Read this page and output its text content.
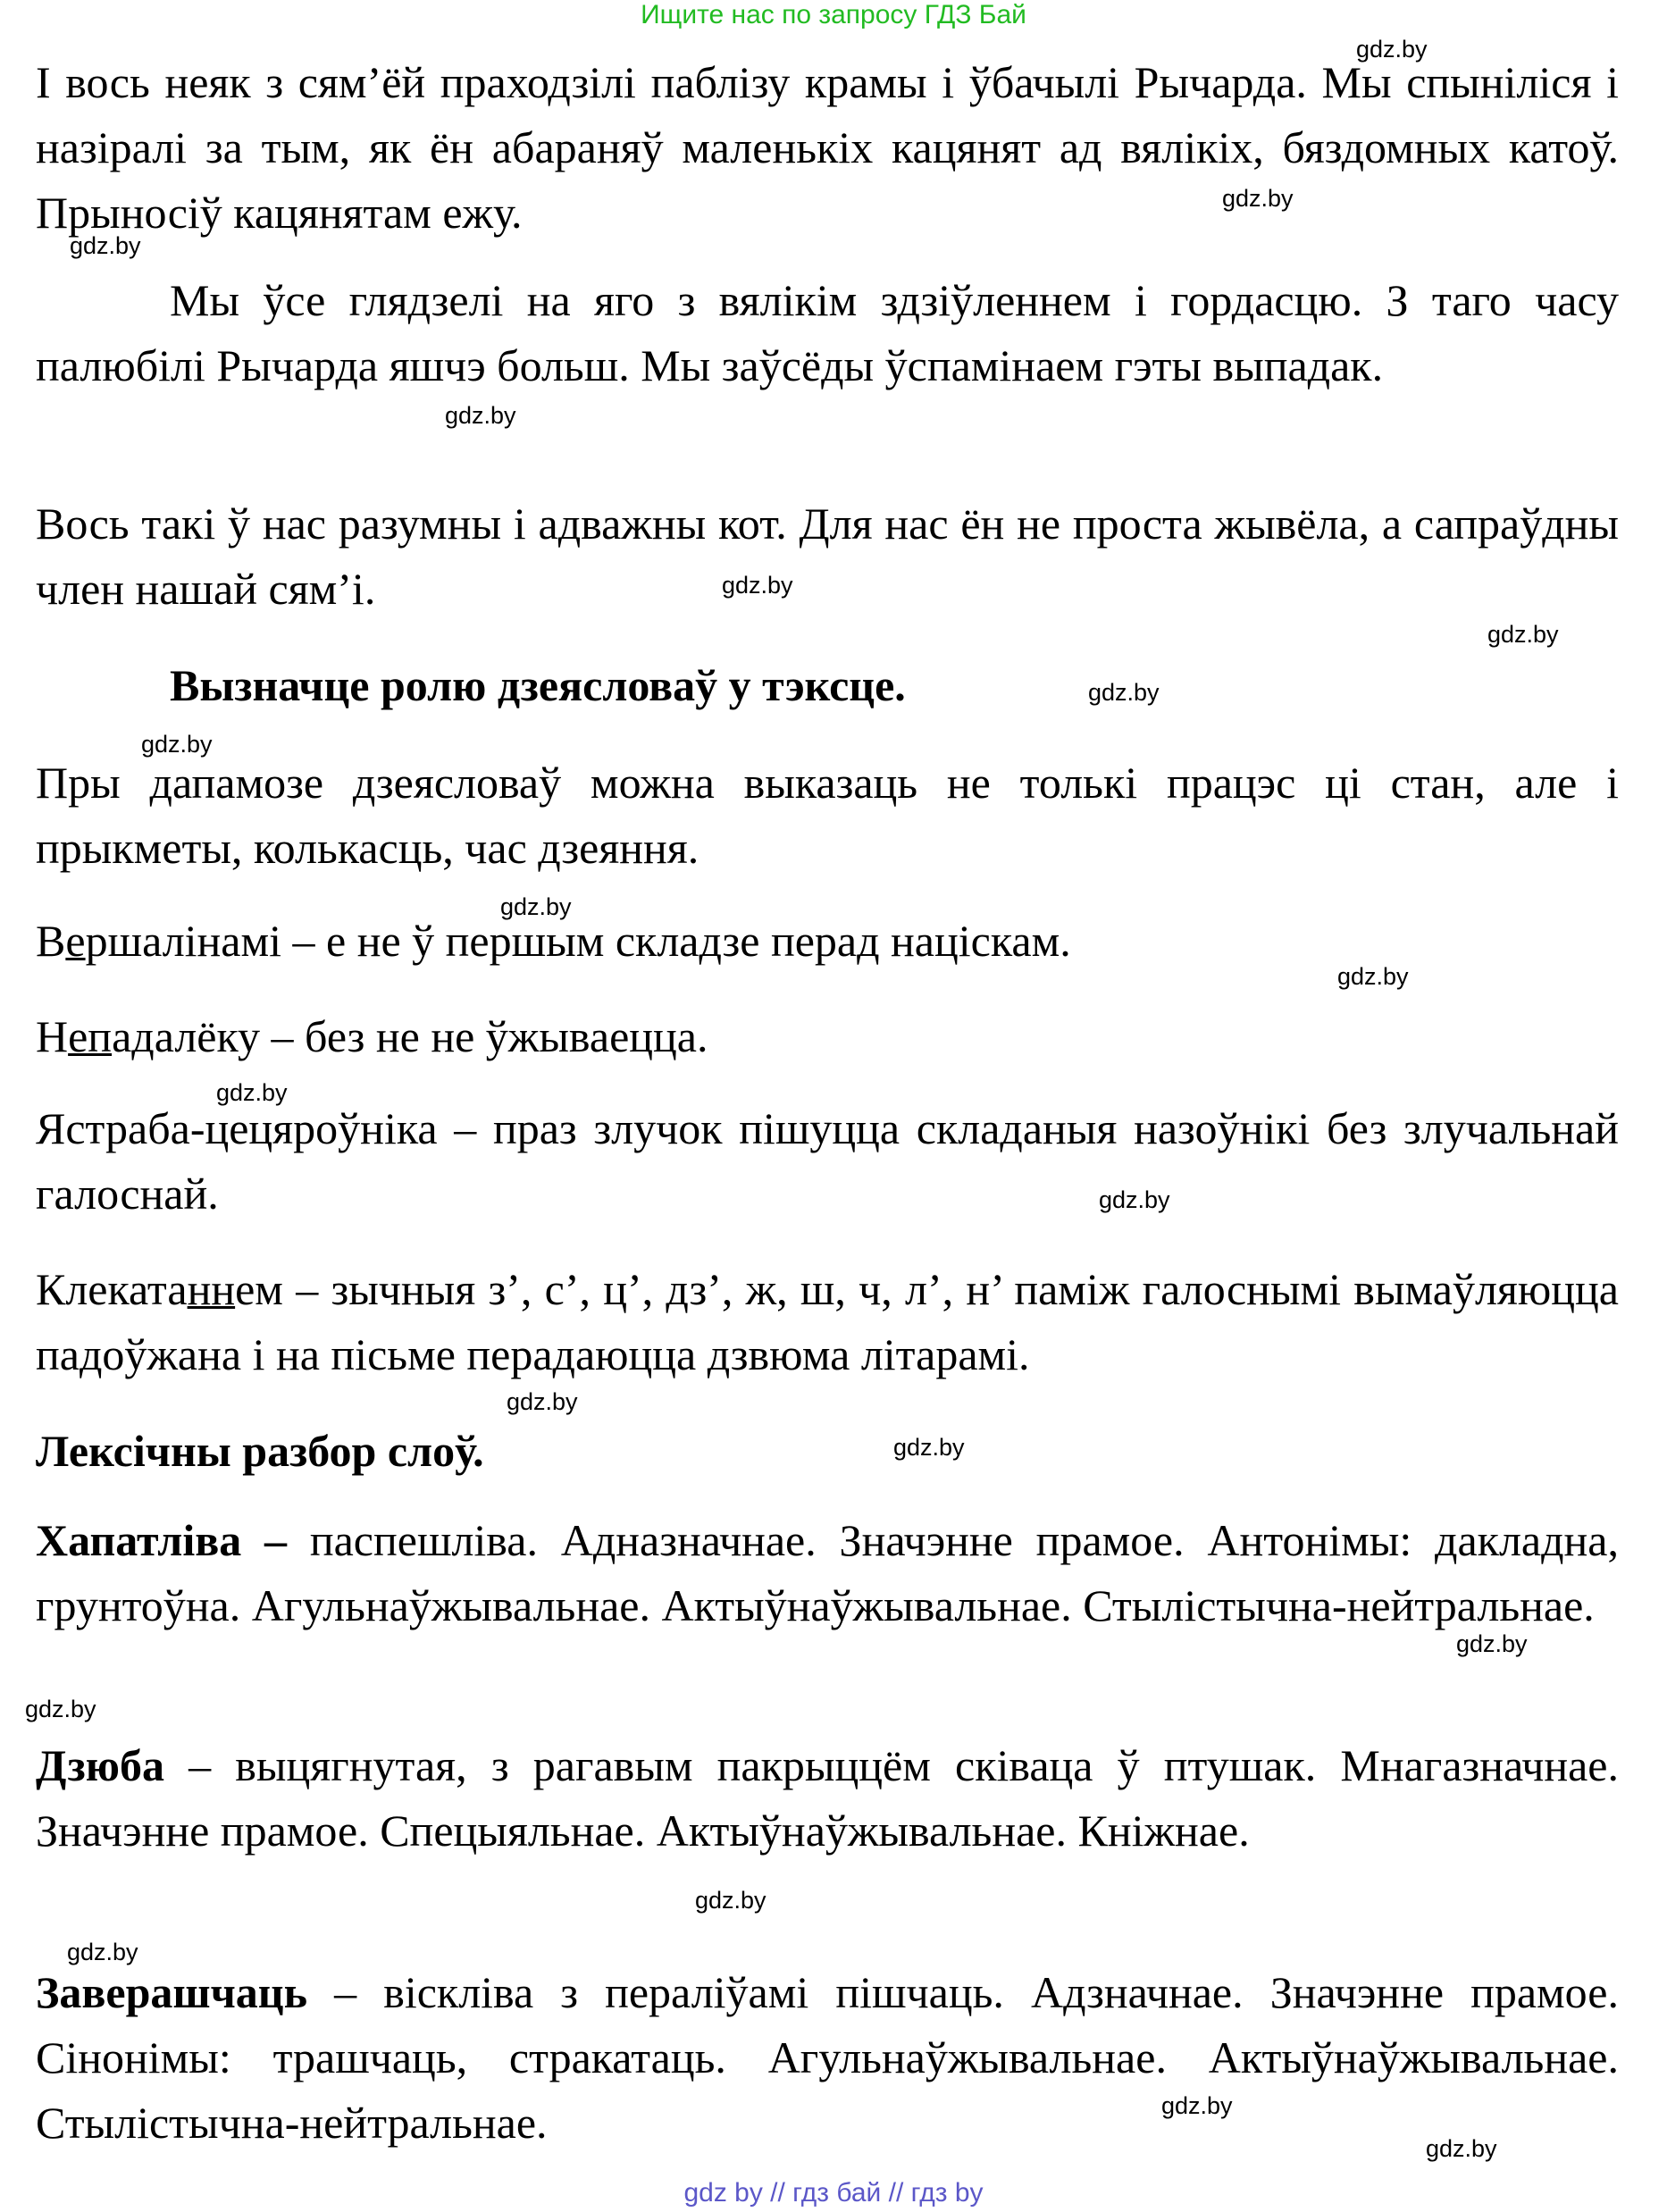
Ищите нас по запросу ГДЗ Бай

І вось неяк з сям’ёй праходзілі паблізу крамы і ўбачылі Рычарда. Мы спыніліся і назіралі за тым, як ён абараняў маленькіх кацянят ад вялікіх, бяздомных катоў. Прыносіў кацянятам ежу.

Мы ўсе глядзелі на яго з вялікім здзіўленнем і гордасцю. З таго часу палюбілі Рычарда яшчэ больш. Мы заўсёды ўспамінаем гэты выпадак.

Вось такі ў нас разумны і адважны кот. Для нас ён не проста жывёла, а сапраўдны член нашай сям’і.

Вызначце ролю дзеясловаў у тэксце.

Пры дапамозе дзеясловаў можна выказаць не толькі працэс ці стан, але і прыкметы, колькасць, час дзеяння.

Вершалінамі – е не ў першым складзе перад націскам.

Непадалёку – без не не ўжываецца.

Ястраба-цецяроўніка – праз злучок пішуцца складаныя назоўнікі без злучальнай галоснай.

Клекатаннем – зычныя з’, с’, ц’, дз’, ж, ш, ч, л’, н’ паміж галоснымі вымаўляюцца падоўжана і на пісьме перадаюцца дзвюма літарамі.

Лексічны разбор слоў.

Хапатліва – паспешліва. Адназначнае. Значэнне прамое. Антонімы: дакладна, грунтоўна. Агульнаўжывальнае. Актыўнаўжывальнае. Стылістычна-нейтральнае.

Дзюба – выцягнутая, з рагавым пакрыццём сківаца ў птушак. Мнагазначнае. Значэнне прамое. Спецыяльнае. Актыўнаўжывальнае. Кніжнае.

Заверашчаць – віскліва з пераліўамі пішчаць. Адзначнае. Значэнне прамое. Сінонімы: трашчаць, стракатаць. Агульнаўжывальнае. Актыўнаўжывальнае. Стылістычна-нейтральнае.

gdz.by
gdz.by
gdz.by
gdz.by
gdz.by
gdz.by
gdz.by
gdz.by
gdz.by
gdz.by
gdz.by
gdz.by
gdz.by
gdz.by
gdz.by
gdz.by
gdz.by
gdz.by
gdz.by
gdz.by
gdz by // гдз бай // гдз by
